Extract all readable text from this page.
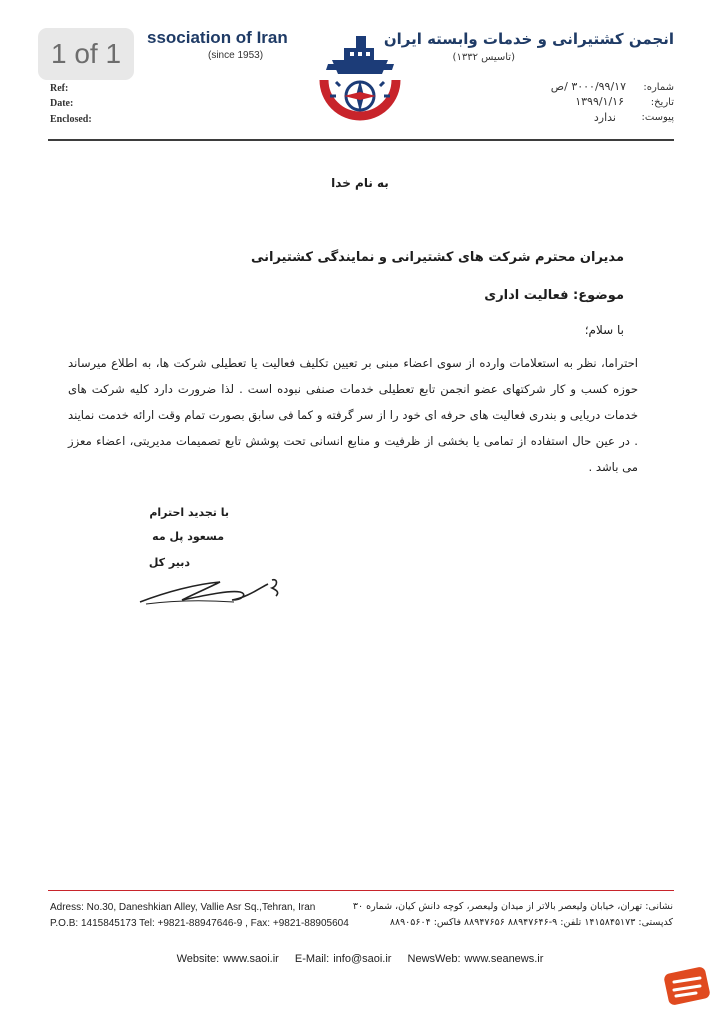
1 of 1
ssociation of Iran
(since 1953)
Ref:
Date:
Enclosed:
انجمن کشتیرانی و خدمات وابسته ایران
(تاسیس ۱۳۳۲)
شماره:
تاریخ:
پیوست:
۳۰۰۰/۹۹/۱۷ /ص
۱۳۹۹/۱/۱۶
ندارد
به نام خدا
مدیران محترم شرکت های کشتیرانی و نمایندگی کشتیرانی
موضوع: فعالیت اداری
با سلام؛
احتراما، نظر به استعلامات وارده از سوی اعضاء مبنی بر تعیین تکلیف فعالیت یا تعطیلی شرکت ها، به اطلاع میرساند حوزه کسب و کار شرکتهای عضو انجمن تابع تعطیلی خدمات صنفی نبوده است . لذا ضرورت دارد کلیه شرکت های خدمات دریایی و بندری فعالیت های حرفه ای خود را از سر گرفته و کما فی سابق بصورت تمام وقت ارائه خدمت نمایند . در عین حال استفاده از تمامی یا بخشی از ظرفیت و منابع انسانی تحت پوشش تابع تصمیمات مدیریتی، اعضاء معزز می باشد .
با تجدید احترام
مسعود پل مه
دبیر کل
Adress: No.30, Daneshkian Alley, Vallie Asr Sq.,Tehran, Iran
P.O.B: 1415845173 Tel: +9821-88947646-9 , Fax: +9821-88905604
نشانی: تهران، خیابان ولیعصر بالاتر از میدان ولیعصر، کوچه دانش کیان، شماره ۳۰
کدپستی: ۱۴۱۵۸۴۵۱۷۳ تلفن: ۹-۸۸۹۴۷۶۴۶ ۸۸۹۴۷۶۵۶ فاکس: ۸۸۹۰۵۶۰۴
Website: www.saoi.ir E-Mail: info@saoi.ir NewsWeb: www.seanews.ir
